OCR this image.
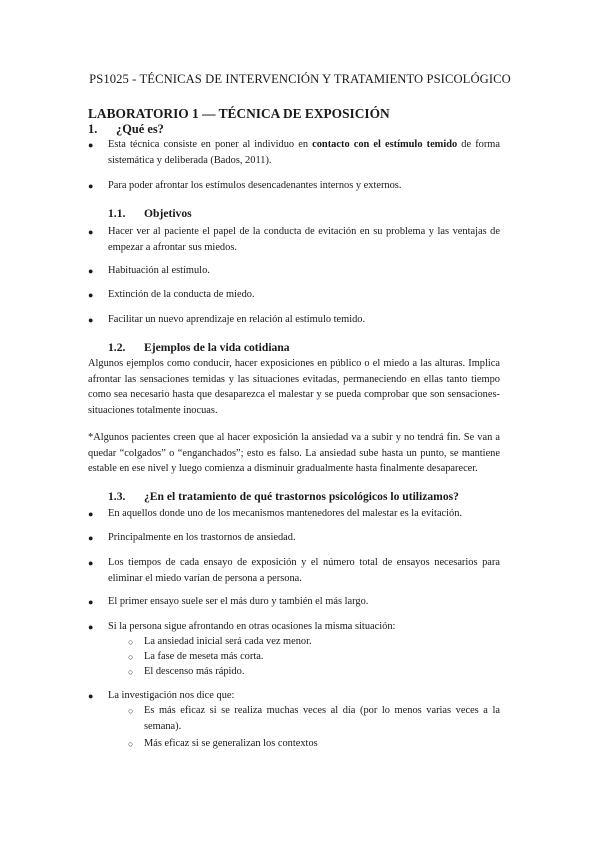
PS1025 - TÉCNICAS DE INTERVENCIÓN Y TRATAMIENTO PSICOLÓGICO
LABORATORIO 1 — TÉCNICA DE EXPOSICIÓN
1. ¿Qué es?
● Esta técnica consiste en poner al individuo en contacto con el estímulo temido de forma sistemática y deliberada (Bados, 2011).
● Para poder afrontar los estímulos desencadenantes internos y externos.
1.1. Objetivos
● Hacer ver al paciente el papel de la conducta de evitación en su problema y las ventajas de empezar a afrontar sus miedos.
● Habituación al estímulo.
● Extinción de la conducta de miedo.
● Facilitar un nuevo aprendizaje en relación al estímulo temido.
1.2. Ejemplos de la vida cotidiana
Algunos ejemplos como conducir, hacer exposiciones en público o el miedo a las alturas. Implica afrontar las sensaciones temidas y las situaciones evitadas, permaneciendo en ellas tanto tiempo como sea necesario hasta que desaparezca el malestar y se pueda comprobar que son sensaciones-situaciones totalmente inocuas.
*Algunos pacientes creen que al hacer exposición la ansiedad va a subir y no tendrá fin. Se van a quedar “colgados” o “enganchados”; esto es falso. La ansiedad sube hasta un punto, se mantiene estable en ese nivel y luego comienza a disminuir gradualmente hasta finalmente desaparecer.
1.3. ¿En el tratamiento de qué trastornos psicológicos lo utilizamos?
● En aquellos donde uno de los mecanismos mantenedores del malestar es la evitación.
● Principalmente en los trastornos de ansiedad.
● Los tiempos de cada ensayo de exposición y el número total de ensayos necesarios para eliminar el miedo varían de persona a persona.
● El primer ensayo suele ser el más duro y también el más largo.
● Si la persona sigue afrontando en otras ocasiones la misma situación:
○ La ansiedad inicial será cada vez menor.
○ La fase de meseta más corta.
○ El descenso más rápido.
● La investigación nos dice que:
○ Es más eficaz si se realiza muchas veces al día (por lo menos varias veces a la semana).
○ Más eficaz si se generalizan los contextos
